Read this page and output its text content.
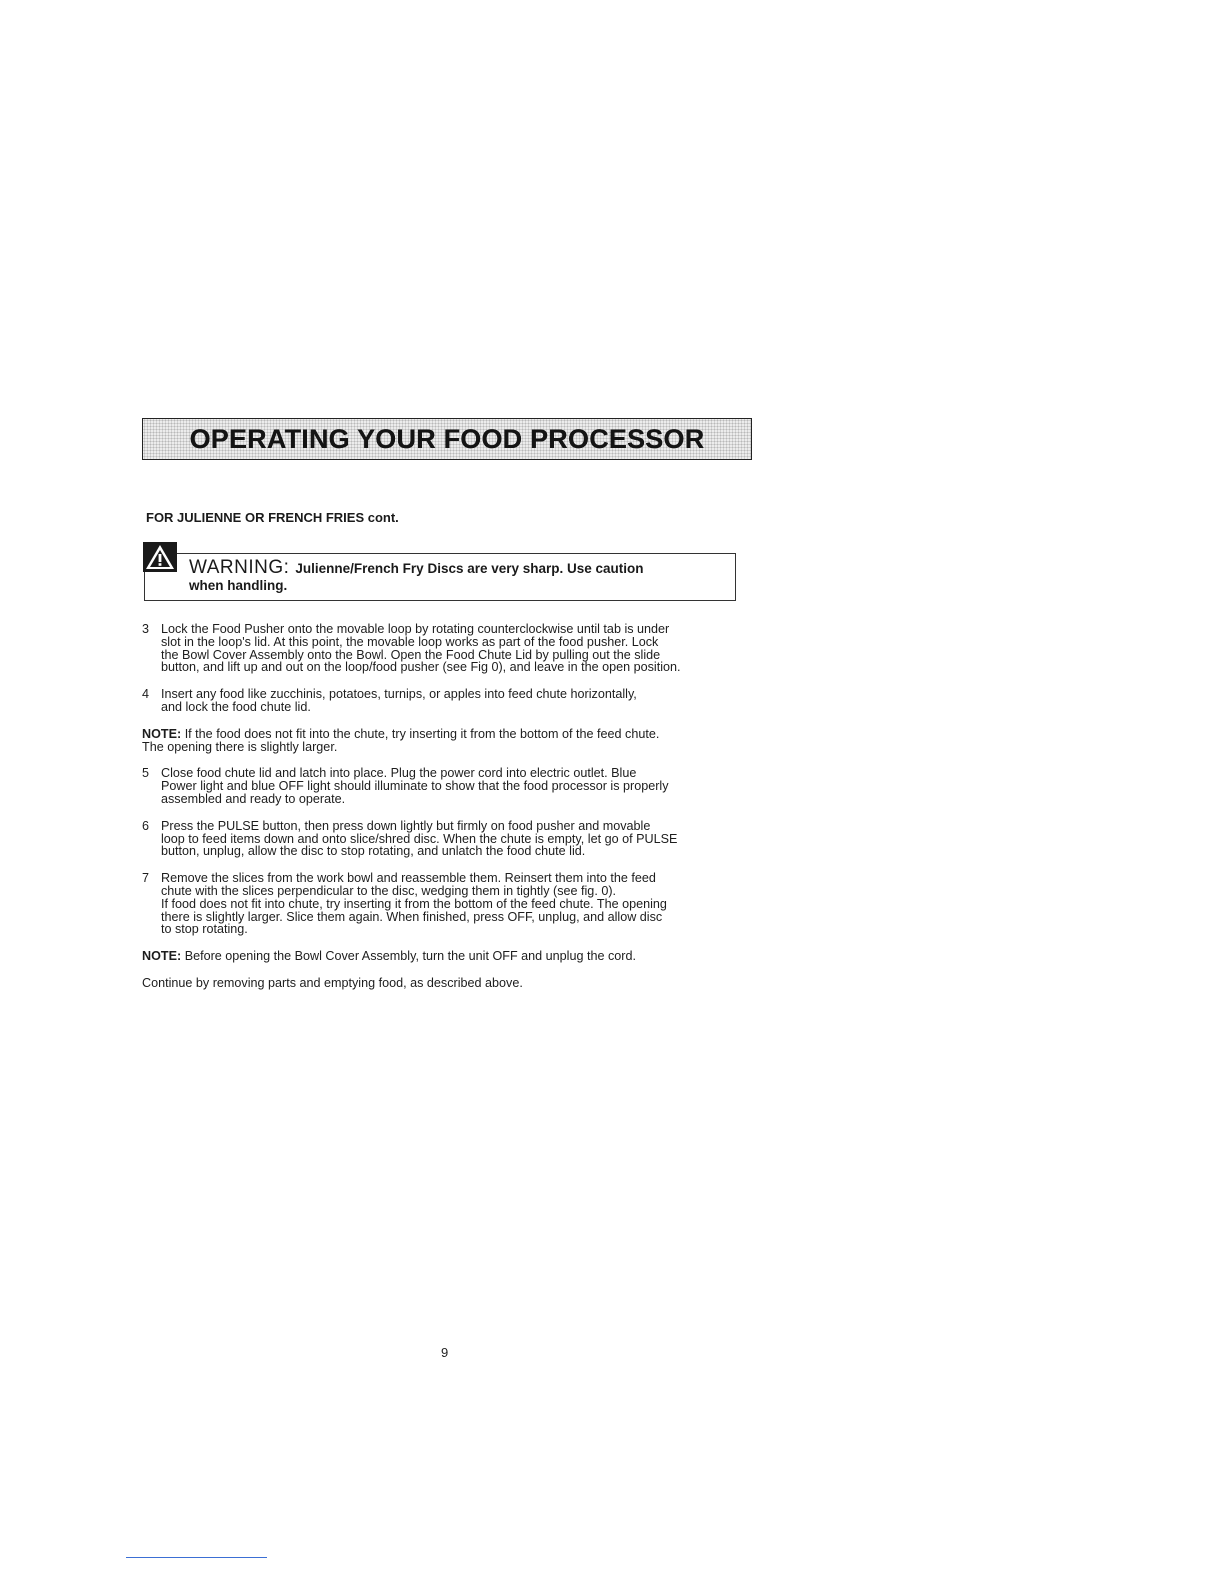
OPERATING YOUR FOOD PROCESSOR
FOR JULIENNE OR FRENCH FRIES cont.
WARNING: Julienne/French Fry Discs are very sharp. Use caution
when handling.
3 Lock the Food Pusher onto the movable loop by rotating counterclockwise until tab is under
slot in the loop's lid. At this point, the movable loop works as part of the food pusher. Lock
the Bowl Cover Assembly onto the Bowl. Open the Food Chute Lid by pulling out the slide
button, and lift up and out on the loop/food pusher (see Fig 0), and leave in the open position.
4 Insert any food like zucchinis, potatoes, turnips, or apples into feed chute horizontally,
and lock the food chute lid.
NOTE: If the food does not fit into the chute, try inserting it from the bottom of the feed chute.
The opening there is slightly larger.
5 Close food chute lid and latch into place. Plug the power cord into electric outlet. Blue
Power light and blue OFF light should illuminate to show that the food processor is properly
assembled and ready to operate.
6 Press the PULSE button, then press down lightly but firmly on food pusher and movable
loop to feed items down and onto slice/shred disc. When the chute is empty, let go of PULSE
button, unplug, allow the disc to stop rotating, and unlatch the food chute lid.
7 Remove the slices from the work bowl and reassemble them. Reinsert them into the feed
chute with the slices perpendicular to the disc, wedging them in tightly (see fig. 0).
If food does not fit into chute, try inserting it from the bottom of the feed chute. The opening
there is slightly larger. Slice them again. When finished, press OFF, unplug, and allow disc
to stop rotating.
NOTE: Before opening the Bowl Cover Assembly, turn the unit OFF and unplug the cord.
Continue by removing parts and emptying food, as described above.
9
